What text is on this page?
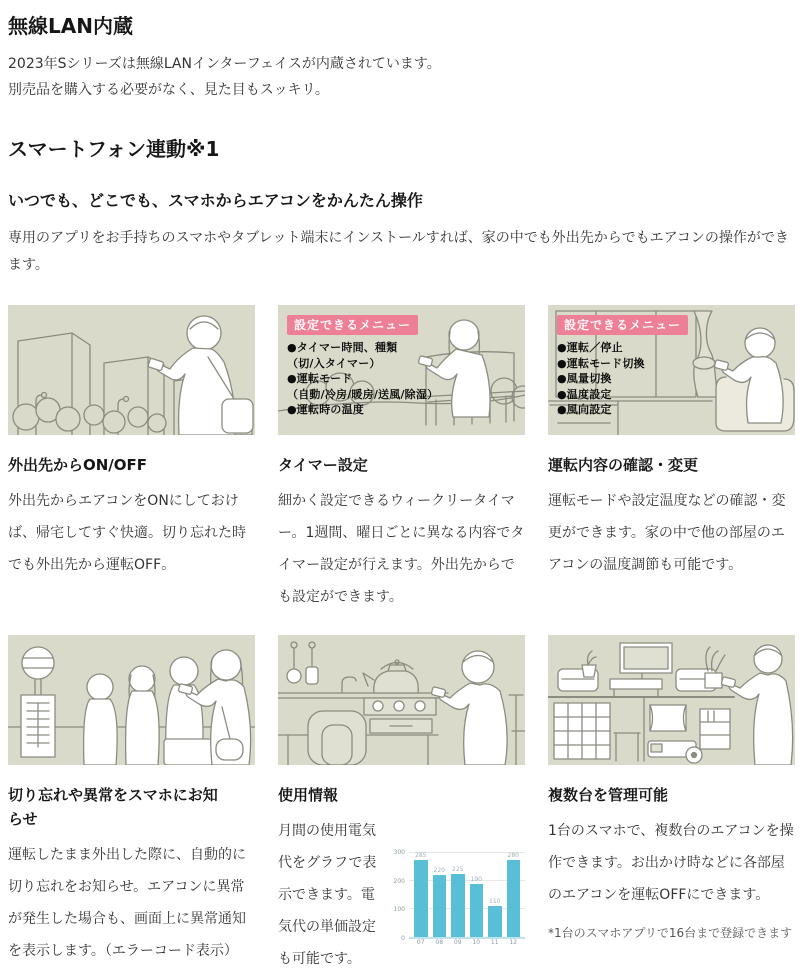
無線LAN内蔵

2023年Sシリーズは無線LANインターフェイスが内蔵されています。

別売品を購入する必要がなく、見た目もスッキリ。

スマートフォン連動※1
いつでも、どこでも、スマホからエアコンをかんたん操作

専用のアプリをお手持ちのスマホやタブレット端末にインストールすれば、家の中でも外出先からでもエアコンの操作ができます。

外出先からON/OFF

外出先からエアコンをONにしておけば、帰宅してすぐ快適。切り忘れた時でも外出先から運転OFF。

設定できるメニュー
●タイマー時間、種類
（切/入タイマー）
●運転モード
（自動/冷房/暖房/送風/除湿）
●運転時の温度
タイマー設定

細かく設定できるウィークリータイマー。1週間、曜日ごとに異なる内容でタイマー設定が行えます。外出先からでも設定ができます。

設定できるメニュー
●運転／停止
●運転モード切換
●風量切換
●温度設定
●風向設定
運転内容の確認・変更

運転モードや設定温度などの確認・変更ができます。家の中で他の部屋のエアコンの温度調節も可能です。

切り忘れや異常をスマホにお知らせ

運転したまま外出した際に、自動的に切り忘れをお知らせ。エアコンに異常が発生した場合も、画面上に異常通知を表示します。（エラーコード表示）

使用情報

0
100
200
300 285
07
220
08
225
09
190
10
110
11
280
12
月間の使用電気代をグラフで表示できます。電気代の単価設定も可能です。

複数台を管理可能

1台のスマホで、複数台のエアコンを操作できます。お出かけ時などに各部屋のエアコンを運転OFFにできます。

*1台のスマホアプリで16台まで登録できます
